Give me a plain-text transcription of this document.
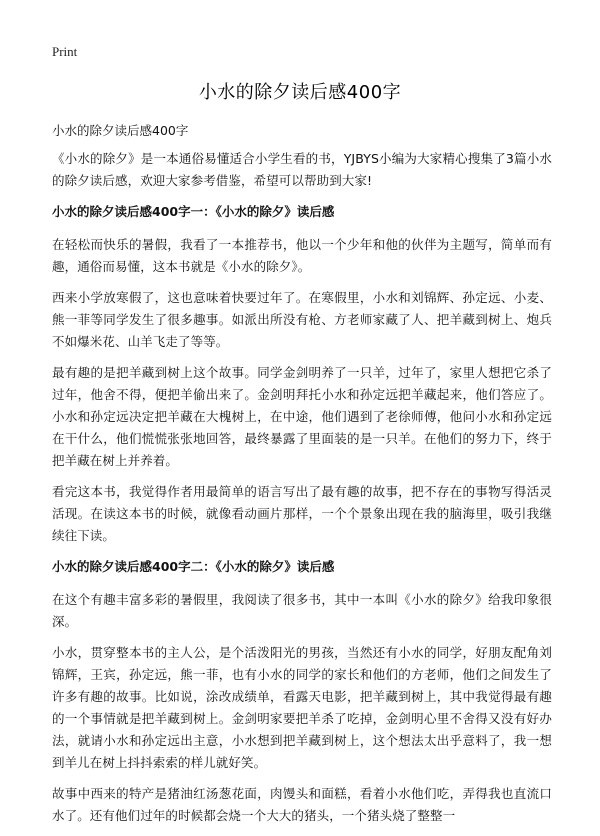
Print
小水的除夕读后感400字
小水的除夕读后感400字

《小水的除夕》是一本通俗易懂适合小学生看的书，YJBYS小编为大家精心搜集了3篇小水的除夕读后感，欢迎大家参考借鉴，希望可以帮助到大家!

小水的除夕读后感400字一：《小水的除夕》读后感

在轻松而快乐的暑假，我看了一本推荐书，他以一个少年和他的伙伴为主题写，简单而有趣，通俗而易懂，这本书就是《小水的除夕》。

西来小学放寒假了，这也意味着快要过年了。在寒假里，小水和刘锦辉、孙定远、小麦、熊一菲等同学发生了很多趣事。如派出所没有枪、方老师家藏了人、把羊藏到树上、炮兵不如爆米花、山羊飞走了等等。

最有趣的是把羊藏到树上这个故事。同学金剑明养了一只羊，过年了，家里人想把它杀了过年，他舍不得，便把羊偷出来了。金剑明拜托小水和孙定远把羊藏起来，他们答应了。小水和孙定远决定把羊藏在大槐树上，在中途，他们遇到了老徐师傅，他问小水和孙定远在干什么，他们慌慌张张地回答，最终暴露了里面装的是一只羊。在他们的努力下，终于把羊藏在树上并养着。

看完这本书，我觉得作者用最简单的语言写出了最有趣的故事，把不存在的事物写得活灵活现。在读这本书的时候，就像看动画片那样，一个个景象出现在我的脑海里，吸引我继续往下读。

小水的除夕读后感400字二：《小水的除夕》读后感

在这个有趣丰富多彩的暑假里，我阅读了很多书，其中一本叫《小水的除夕》给我印象很深。

小水，贯穿整本书的主人公，是个活泼阳光的男孩，当然还有小水的同学，好朋友配角刘锦辉，王宾，孙定远，熊一菲，也有小水的同学的家长和他们的方老师，他们之间发生了许多有趣的故事。比如说，涂改成绩单，看露天电影，把羊藏到树上，其中我觉得最有趣的一个事情就是把羊藏到树上。金剑明家要把羊杀了吃掉，金剑明心里不舍得又没有好办法，就请小水和孙定远出主意，小水想到把羊藏到树上，这个想法太出乎意料了，我一想到羊儿在树上抖抖索索的样儿就好笑。

故事中西来的特产是猪油红汤葱花面，肉馒头和面糕，看着小水他们吃，弄得我也直流口水了。还有他们过年的时候都会烧一个大大的猪头，一个猪头烧了整整一
